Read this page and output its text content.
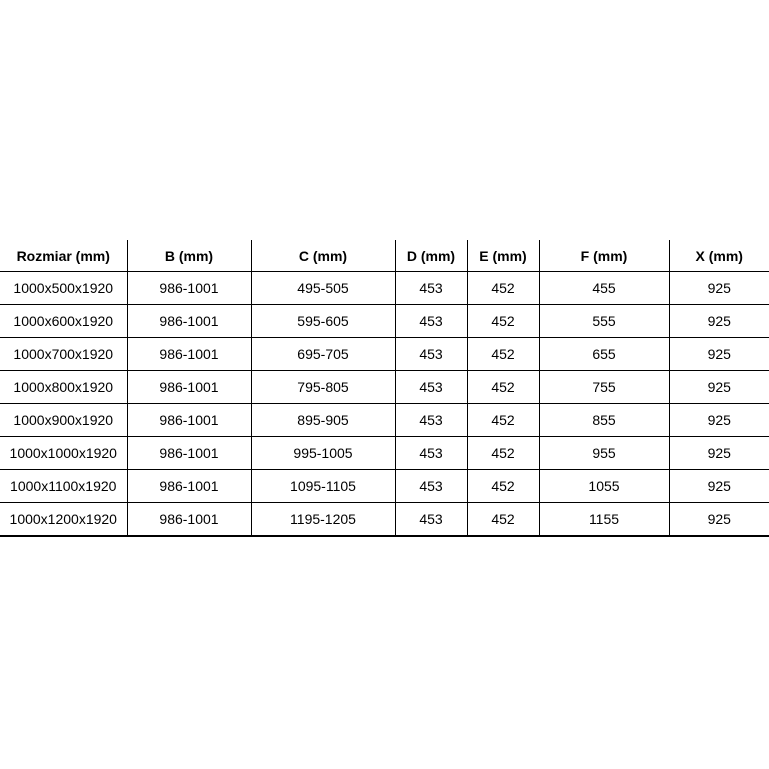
Rozmiar (mm)	B (mm)	C (mm)	D (mm)	E (mm)	F (mm)	X (mm)
1000x500x1920	986-1001	495-505	453	452	455	925
1000x600x1920	986-1001	595-605	453	452	555	925
1000x700x1920	986-1001	695-705	453	452	655	925
1000x800x1920	986-1001	795-805	453	452	755	925
1000x900x1920	986-1001	895-905	453	452	855	925
1000x1000x1920	986-1001	995-1005	453	452	955	925
1000x1100x1920	986-1001	1095-1105	453	452	1055	925
1000x1200x1920	986-1001	1195-1205	453	452	1155	925
